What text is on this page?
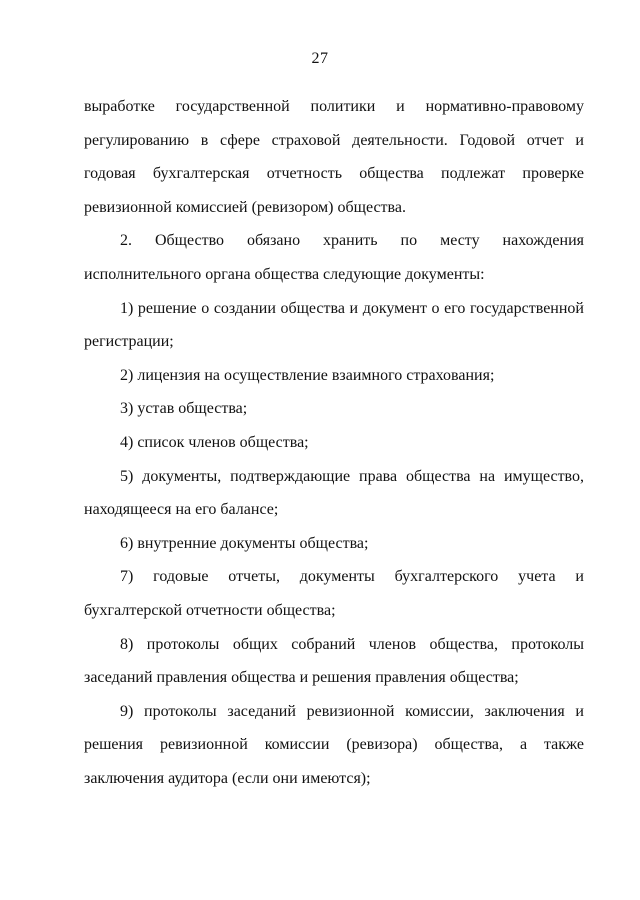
27

выработке государственной политики и нормативно-правовому регулированию в сфере страховой деятельности. Годовой отчет и годовая бухгалтерская отчетность общества подлежат проверке ревизионной комиссией (ревизором) общества.

2. Общество обязано хранить по месту нахождения исполнительного органа общества следующие документы:

1) решение о создании общества и документ о его государственной регистрации;

2) лицензия на осуществление взаимного страхования;

3) устав общества;

4) список членов общества;

5) документы, подтверждающие права общества на имущество, находящееся на его балансе;

6) внутренние документы общества;

7) годовые отчеты, документы бухгалтерского учета и бухгалтерской отчетности общества;

8) протоколы общих собраний членов общества, протоколы заседаний правления общества и решения правления общества;

9) протоколы заседаний ревизионной комиссии, заключения и решения ревизионной комиссии (ревизора) общества, а также заключения аудитора (если они имеются);
